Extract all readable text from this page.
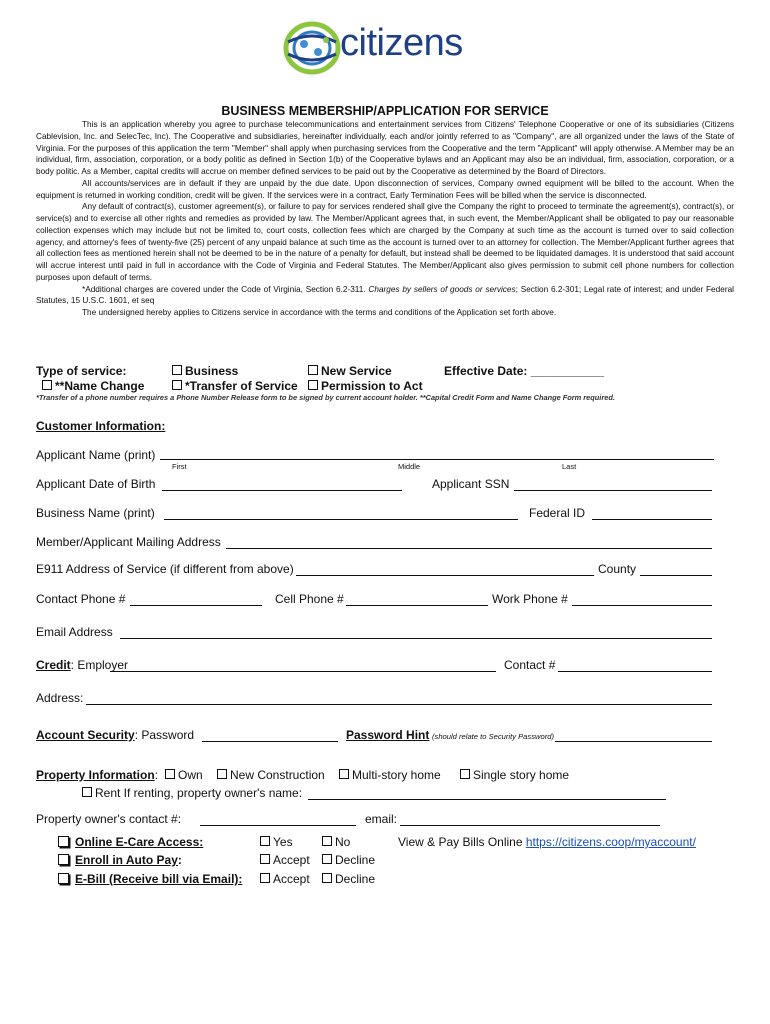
citizens
BUSINESS MEMBERSHIP/APPLICATION FOR SERVICE

This is an application whereby you agree to purchase telecommunications and entertainment services from Citizens' Telephone Cooperative or one of its subsidiaries (Citizens Cablevision, Inc. and SelecTec, Inc). The Cooperative and subsidiaries, hereinafter individually, each and/or jointly referred to as "Company", are all organized under the laws of the State of Virginia. For the purposes of this application the term "Member" shall apply when purchasing services from the Cooperative and the term "Applicant" will apply otherwise. A Member may be an individual, firm, association, corporation, or a body politic as defined in Section 1(b) of the Cooperative bylaws and an Applicant may also be an individual, firm, association, corporation, or a body politic. As a Member, capital credits will accrue on member defined services to be paid out by the Cooperative as determined by the Board of Directors.

All accounts/services are in default if they are unpaid by the due date. Upon disconnection of services, Company owned equipment will be billed to the account. When the equipment is returned in working condition, credit will be given. If the services were in a contract, Early Termination Fees will be billed when the service is disconnected.

Any default of contract(s), customer agreement(s), or failure to pay for services rendered shall give the Company the right to proceed to terminate the agreement(s), contract(s), or service(s) and to exercise all other rights and remedies as provided by law. The Member/Applicant agrees that, in such event, the Member/Applicant shall be obligated to pay our reasonable collection expenses which may include but not be limited to, court costs, collection fees which are charged by the Company at such time as the account is turned over to said collection agency, and attorney's fees of twenty-five (25) percent of any unpaid balance at such time as the account is turned over to an attorney for collection. The Member/Applicant further agrees that all collection fees as mentioned herein shall not be deemed to be in the nature of a penalty for default, but instead shall be deemed to be liquidated damages. It is understood that said account will accrue interest until paid in full in accordance with the Code of Virginia and Federal Statutes. The Member/Applicant also gives permission to submit cell phone numbers for collection purposes upon default of terms.

*Additional charges are covered under the Code of Virginia, Section 6.2-311. Charges by sellers of goods or services; Section 6.2-301; Legal rate of interest; and under Federal Statutes, 15 U.S.C. 1601, et seq

The undersigned hereby applies to Citizens service in accordance with the terms and conditions of the Application set forth above.

Type of service:	Business	New Service	Effective Date: ___________
**Name Change	*Transfer of Service	Permission to Act
*Transfer of a phone number requires a Phone Number Release form to be signed by current account holder. **Capital Credit Form and Name Change Form required.
Customer Information:
Applicant Name (print)
First	Middle	Last
Applicant Date of Birth	Applicant SSN
Business Name (print)	Federal ID
Member/Applicant Mailing Address
E911 Address of Service (if different from above)	County
Contact Phone #	Cell Phone #	Work Phone #
Email Address
Credit: Employer	Contact #
Address:
Account Security: Password	Password Hint (should relate to Security Password)
Property Information:	Own	New Construction	Multi-story home	Single story home
Rent If renting, property owner's name:
Property owner's contact #:	email:
Online E-Care Access:	Yes	No	View & Pay Bills Online https://citizens.coop/myaccount/
Enroll in Auto Pay:	Accept	Decline
E-Bill (Receive bill via Email):	Accept	Decline
